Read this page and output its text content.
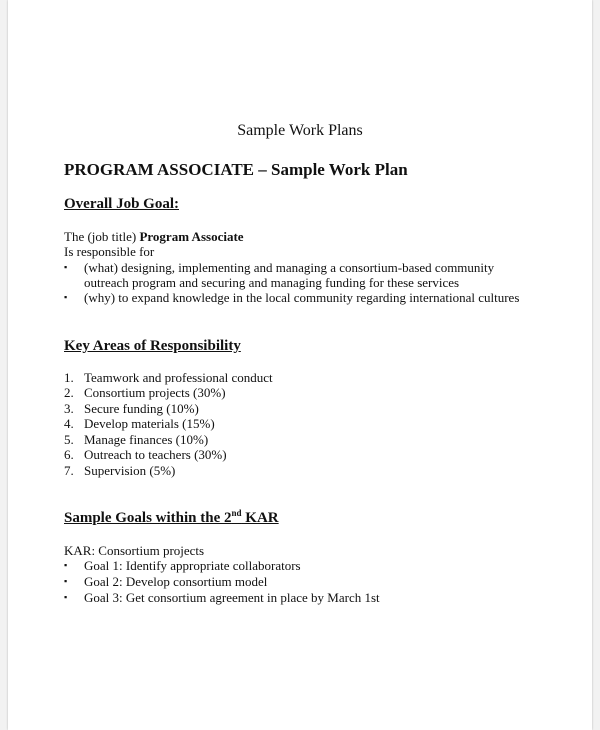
Sample Work Plans
PROGRAM ASSOCIATE – Sample Work Plan
Overall Job Goal:
The (job title) Program Associate
Is responsible for
▪ (what) designing, implementing and managing a consortium-based community
outreach program and securing and managing funding for these services
▪ (why) to expand knowledge in the local community regarding international cultures
Key Areas of Responsibility
1. Teamwork and professional conduct
2. Consortium projects (30%)
3. Secure funding (10%)
4. Develop materials (15%)
5. Manage finances (10%)
6. Outreach to teachers (30%)
7. Supervision (5%)
Sample Goals within the 2nd KAR
KAR: Consortium projects
▪ Goal 1: Identify appropriate collaborators
▪ Goal 2: Develop consortium model
▪ Goal 3: Get consortium agreement in place by March 1st
